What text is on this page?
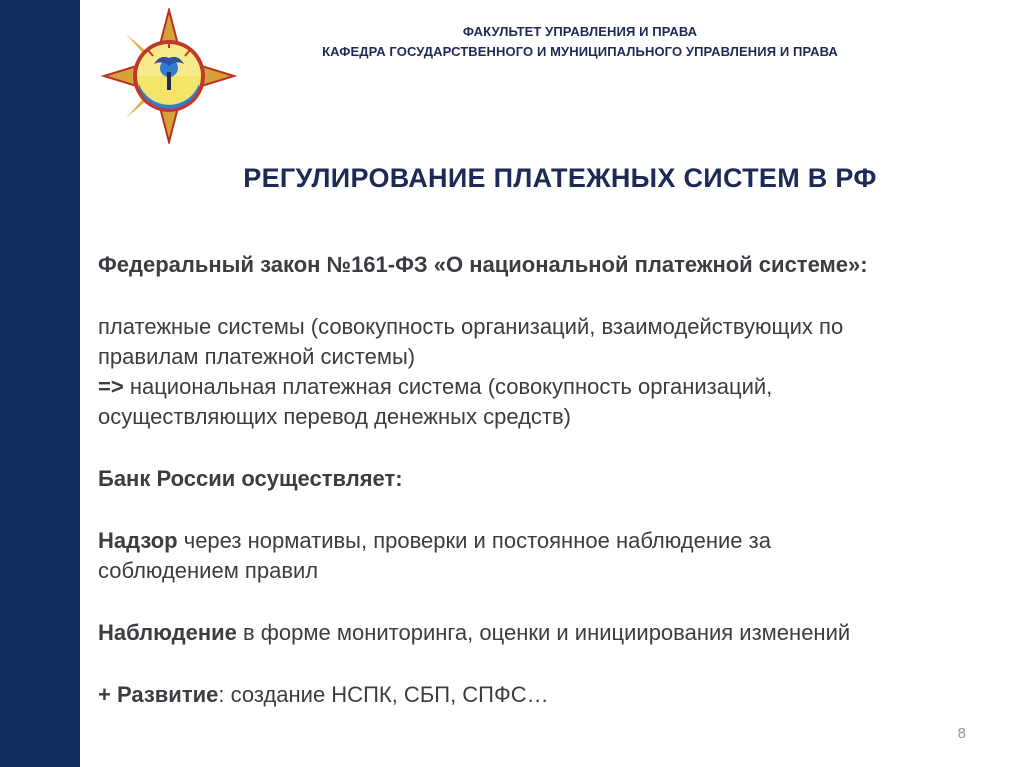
ФАКУЛЬТЕТ УПРАВЛЕНИЯ И ПРАВА
КАФЕДРА ГОСУДАРСТВЕННОГО И МУНИЦИПАЛЬНОГО УПРАВЛЕНИЯ И ПРАВА
РЕГУЛИРОВАНИЕ ПЛАТЕЖНЫХ СИСТЕМ В РФ

Федеральный закон №161-ФЗ «О национальной платежной системе»:

платежные системы (совокупность организаций, взаимодействующих по

правилам платежной системы)

=> национальная платежная система (совокупность организаций,

осуществляющих перевод денежных средств)

Банк России осуществляет:

Надзор через нормативы, проверки и постоянное наблюдение за

соблюдением правил

Наблюдение в форме мониторинга, оценки и инициирования изменений

+ Развитие: создание НСПК, СБП, СПФС…

8
